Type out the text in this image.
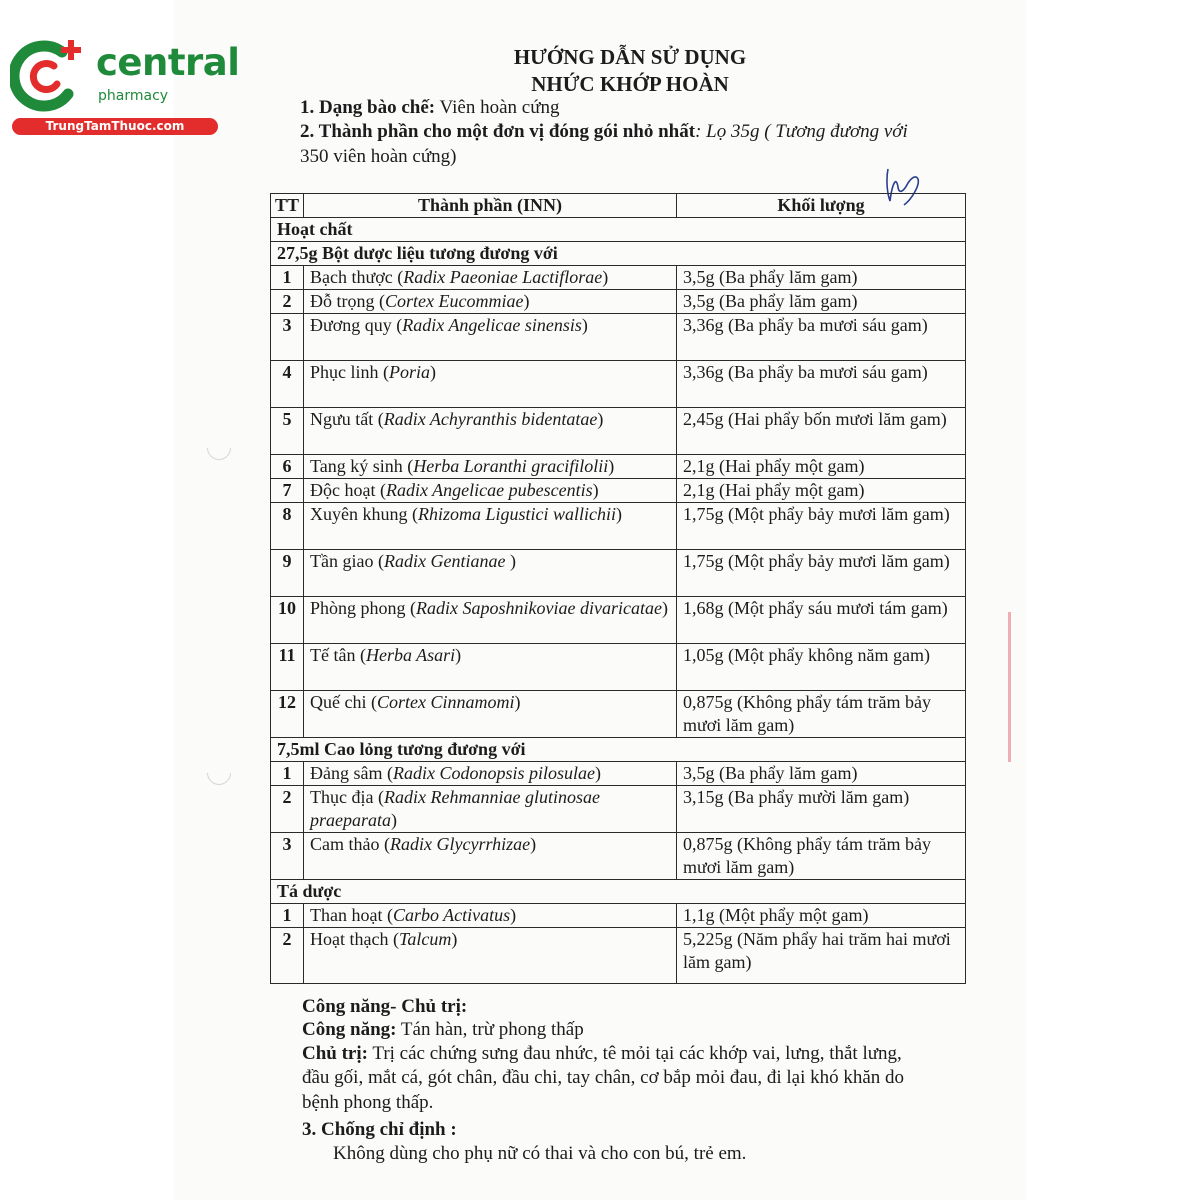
central
pharmacy
TrungTamThuoc.com
HƯỚNG DẪN SỬ DỤNG
NHỨC KHỚP HOÀN
1. Dạng bào chế: Viên hoàn cứng
2. Thành phần cho một đơn vị đóng gói nhỏ nhất: Lọ 35g ( Tương đương với
350 viên hoàn cứng)
TT	Thành phần (INN)	Khối lượng
Hoạt chất		
27,5g Bột dược liệu tương đương với		
1	Bạch thược (Radix Paeoniae Lactiflorae)	3,5g (Ba phẩy lăm gam)
2	Đỗ trọng (Cortex Eucommiae)	3,5g (Ba phẩy lăm gam)
3	Đương quy (Radix Angelicae sinensis)	3,36g (Ba phẩy ba mươi sáu gam)
4	Phục linh (Poria)	3,36g (Ba phẩy ba mươi sáu gam)
5	Ngưu tất (Radix Achyranthis bidentatae)	2,45g (Hai phẩy bốn mươi lăm gam)
6	Tang ký sinh (Herba Loranthi gracifilolii)	2,1g (Hai phẩy một gam)
7	Độc hoạt (Radix Angelicae pubescentis)	2,1g (Hai phẩy một gam)
8	Xuyên khung (Rhizoma Ligustici wallichii)	1,75g (Một phẩy bảy mươi lăm gam)
9	Tần giao (Radix Gentianae )	1,75g (Một phẩy bảy mươi lăm gam)
10	Phòng phong (Radix Saposhnikoviae divaricatae)	1,68g (Một phẩy sáu mươi tám gam)
11	Tế tân (Herba Asari)	1,05g (Một phẩy không năm gam)
12	Quế chi (Cortex Cinnamomi)	0,875g (Không phẩy tám trăm bảy mươi lăm gam)
7,5ml Cao lỏng tương đương với		
1	Đảng sâm (Radix Codonopsis pilosulae)	3,5g (Ba phẩy lăm gam)
2	Thục địa (Radix Rehmanniae glutinosae praeparata)	3,15g (Ba phẩy mười lăm gam)
3	Cam thảo (Radix Glycyrrhizae)	0,875g (Không phẩy tám trăm bảy mươi lăm gam)
Tá dược		
1	Than hoạt (Carbo Activatus)	1,1g (Một phẩy một gam)
2	Hoạt thạch (Talcum)	5,225g (Năm phẩy hai trăm hai mươi lăm gam)
Công năng- Chủ trị:
Công năng: Tán hàn, trừ phong thấp
Chủ trị: Trị các chứng sưng đau nhức, tê mỏi tại các khớp vai, lưng, thắt lưng,
đầu gối, mắt cá, gót chân, đầu chi, tay chân, cơ bắp mỏi đau, đi lại khó khăn do
bệnh phong thấp.
3. Chống chỉ định :
Không dùng cho phụ nữ có thai và cho con bú, trẻ em.
